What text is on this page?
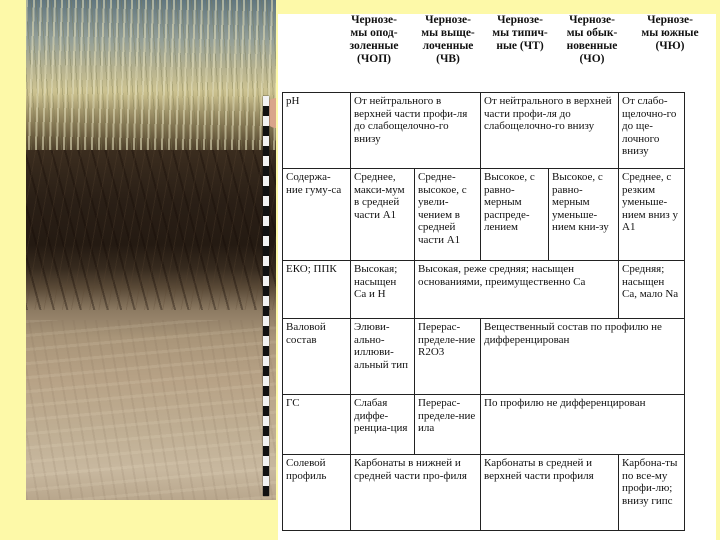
Чернозе-
мы опод-
золенные
(ЧОП)
Чернозе-
мы выще-
лоченные
(ЧВ)
Чернозе-
мы типич-
ные (ЧТ)
Чернозе-
мы обык-
новенные
(ЧО)
Чернозе-
мы южные
(ЧЮ)
рН	От нейтрального в верхней части профи-ля до слабощелочно-го внизу		От нейтрального в верхней части профи-ля до слабощелочно-го внизу		От слабо-щелочно-го до ще-лочного внизу
Содержа-ние гуму-са	Среднее, макси-мум в средней части А1	Средне-высокое, с увели-чением в средней части А1	Высокое, с равно-мерным распреде-лением	Высокое, с равно-мерным уменьше-нием кни-зу	Среднее, с резким уменьше-нием вниз у А1
ЕКО; ППК	Высокая; насыщен Са и Н	Высокая, реже средняя; насыщен основаниями, преимущественно Са			Средняя; насыщен Са, мало Na
Валовой состав	Элюви-ально-иллюви-альный тип	Перерас-пределе-ние R2O3	Вещественный состав по профилю не дифференцирован		
ГС	Слабая диффе-ренциа-ция	Перерас-пределе-ние ила	По профилю не дифференцирован		
Солевой профиль	Карбонаты в нижней и средней части про-филя		Карбонаты в средней и верхней части профиля		Карбона-ты по все-му профи-лю; внизу гипс
